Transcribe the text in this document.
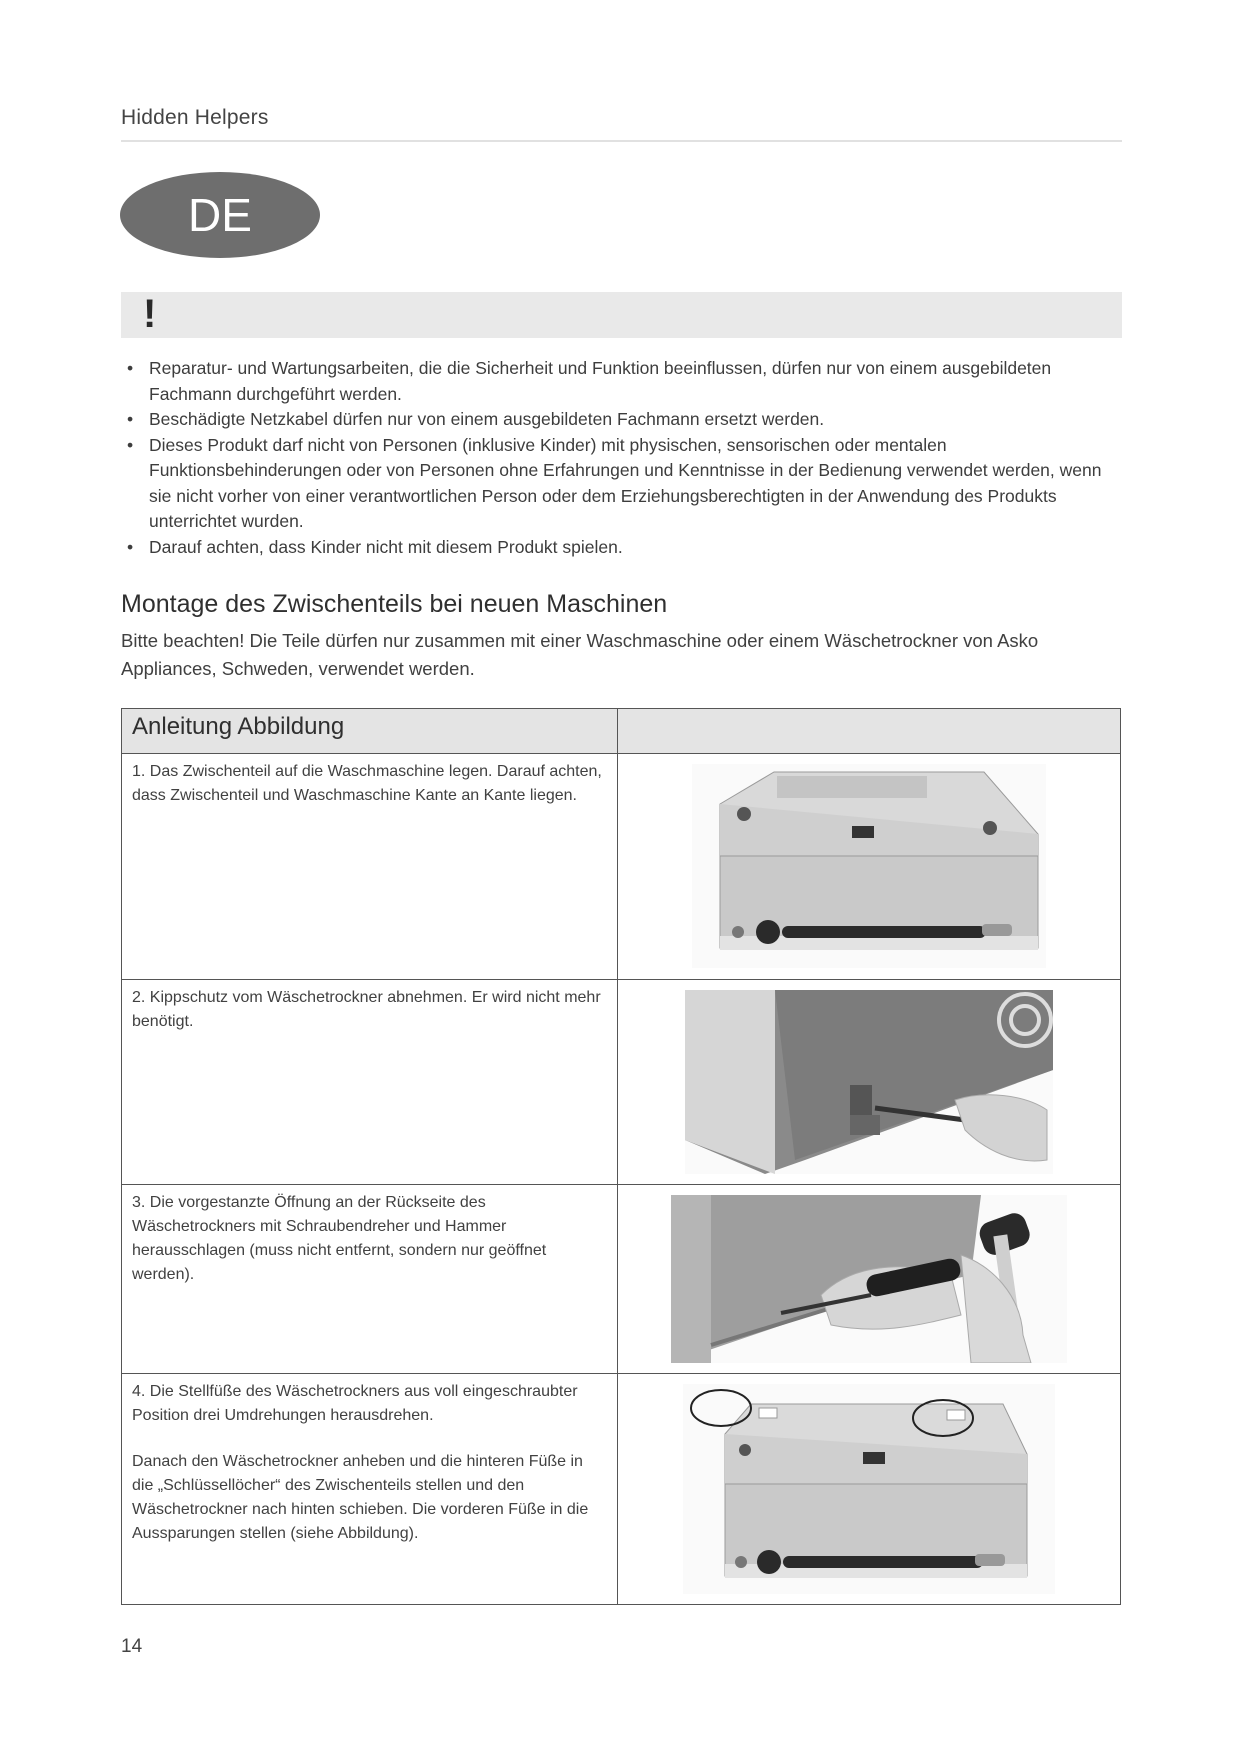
Hidden Helpers
DE
!
• Reparatur- und Wartungsarbeiten, die die Sicherheit und Funktion beeinflussen, dürfen nur von einem ausgebildeten Fachmann durchgeführt werden.
• Beschädigte Netzkabel dürfen nur von einem ausgebildeten Fachmann ersetzt werden.
• Dieses Produkt darf nicht von Personen (inklusive Kinder) mit physischen, sensorischen oder mentalen Funktionsbehinderungen oder von Personen ohne Erfahrungen und Kenntnisse in der Bedienung verwendet werden, wenn sie nicht vorher von einer verantwortlichen Person oder dem Erziehungsberechtigten in der Anwendung des Produkts unterrichtet wurden.
• Darauf achten, dass Kinder nicht mit diesem Produkt spielen.
Montage des Zwischenteils bei neuen Maschinen
Bitte beachten! Die Teile dürfen nur zusammen mit einer Waschmaschine oder einem Wäschetrockner von Asko Appliances, Schweden, verwendet werden.
Anleitung Abbildung	
1. Das Zwischenteil auf die Waschmaschine legen. Darauf achten, dass Zwischenteil und Waschmaschine Kante an Kante liegen.	

2. Kippschutz vom Wäschetrockner abnehmen. Er wird nicht mehr benötigt.	

3. Die vorgestanzte Öffnung an der Rückseite des Wäschetrockners mit Schraubendreher und Hammer herausschlagen (muss nicht entfernt, sondern nur geöffnet werden).	

4. Die Stellfüße des Wäschetrockners aus voll eingeschraubter Position drei Umdrehungen herausdrehen.
Danach den Wäschetrockner anheben und die hinteren Füße in die „Schlüssellöcher“ des Zwischenteils stellen und den Wäschetrockner nach hinten schieben. Die vorderen Füße in die Aussparungen stellen (siehe Abbildung).

14
